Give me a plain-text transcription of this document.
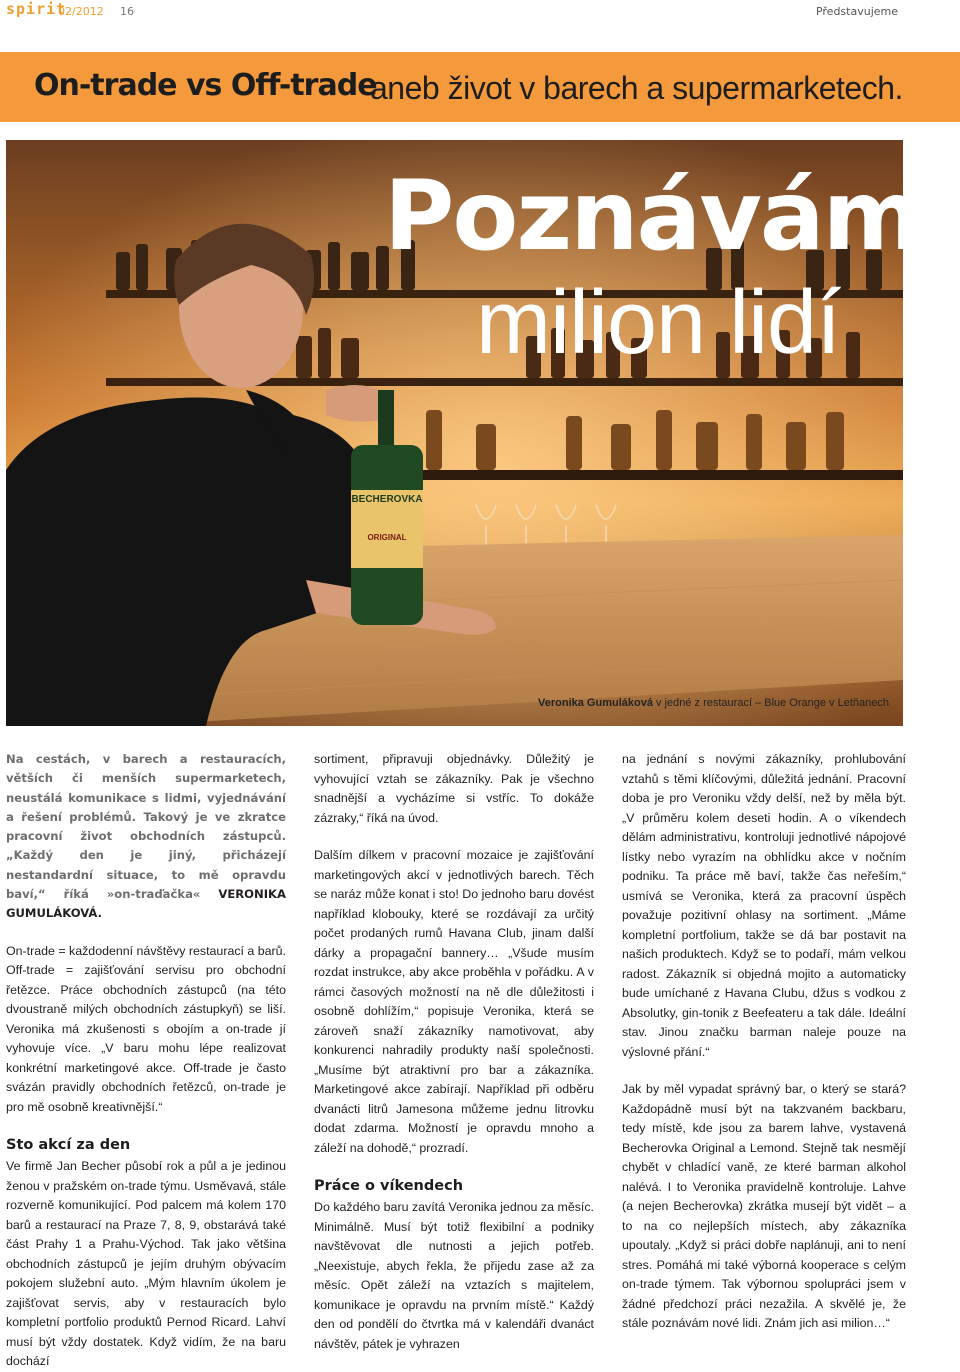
spirit
02/2012 16	Představujeme
On-trade vs Off-trade
aneb život v barech a supermarketech.
BECHEROVKA
ORIGINAL
Poznávám
milion lidí
Veronika Gumuláková v jedné z restaurací – Blue Orange v Letňanech

Na cestách, v barech a restauracích, větších či menších supermarketech, neustálá komunikace s lidmi, vyjednávání a řešení problémů. Takový je ve zkratce pracovní život obchodních zástupců. „Každý den je jiný, přicházejí nestandardní situace, to mě opravdu baví,“ říká »on-traďačka« VERONIKA GUMULÁKOVÁ.

On-trade = každodenní návštěvy restaurací a barů. Off-trade = zajišťování servisu pro obchodní řetězce. Práce obchodních zástupců (na této dvoustraně milých obchodních zástupkyň) se liší. Veronika má zkušenosti s obojím a on-trade jí vyhovuje více. „V baru mohu lépe realizovat konkrétní marketingové akce. Off-trade je často svázán pravidly obchodních řetězců, on-trade je pro mě osobně kreativnější.“

Sto akcí za den

Ve firmě Jan Becher působí rok a půl a je jedinou ženou v pražském on-trade týmu. Usměvavá, stále rozverně komunikující. Pod palcem má kolem 170 barů a restaurací na Praze 7, 8, 9, obstarává také část Prahy 1 a Prahu-Východ. Tak jako většina obchodních zástupců je jejím druhým obývacím pokojem služební auto. „Mým hlavním úkolem je zajišťovat servis, aby v restauracích bylo kompletní portfolio produktů Pernod Ricard. Lahví musí být vždy dostatek. Když vidím, že na baru dochází

sortiment, připravuji objednávky. Důležitý je vyhovující vztah se zákazníky. Pak je všechno snadnější a vycházíme si vstříc. To dokáže zázraky,“ říká na úvod.

Dalším dílkem v pracovní mozaice je zajišťování marketingových akcí v jednotlivých barech. Těch se naráz může konat i sto! Do jednoho baru dovést například klobouky, které se rozdávají za určitý počet prodaných rumů Havana Club, jinam další dárky a propagační bannery… „Všude musím rozdat instrukce, aby akce proběhla v pořádku. A v rámci časových možností na ně dle důležitosti i osobně dohlížím,“ popisuje Veronika, která se zároveň snaží zákazníky namotivovat, aby konkurenci nahradily produkty naší společnosti. „Musíme být atraktivní pro bar a zákazníka. Marketingové akce zabírají. Například při odběru dvanácti litrů Jamesona můžeme jednu litrovku dodat zdarma. Možností je opravdu mnoho a záleží na dohodě,“ prozradí.

Práce o víkendech

Do každého baru zavítá Veronika jednou za měsíc. Minimálně. Musí být totiž flexibilní a podniky navštěvovat dle nutnosti a jejich potřeb. „Neexistuje, abych řekla, že přijedu zase až za měsíc. Opět záleží na vztazích s majitelem, komunikace je opravdu na prvním místě.“ Každý den od pondělí do čtvrtka má v kalendáři dvanáct návštěv, pátek je vyhrazen

na jednání s novými zákazníky, prohlubování vztahů s těmi klíčovými, důležitá jednání. Pracovní doba je pro Veroniku vždy delší, než by měla být. „V průměru kolem deseti hodin. A o víkendech dělám administrativu, kontroluji jednotlivé nápojové lístky nebo vyrazím na obhlídku akce v nočním podniku. Ta práce mě baví, takže čas neřeším,“ usmívá se Veronika, která za pracovní úspěch považuje pozitivní ohlasy na sortiment. „Máme kompletní portfolium, takže se dá bar postavit na našich produktech. Když se to podaří, mám velkou radost. Zákazník si objedná mojito a automaticky bude umíchané z Havana Clubu, džus s vodkou z Absolutky, gin-tonik z Beefeateru a tak dále. Ideální stav. Jinou značku barman naleje pouze na výslovné přání.“

Jak by měl vypadat správný bar, o který se stará? Každopádně musí být na takzvaném backbaru, tedy místě, kde jsou za barem lahve, vystavená Becherovka Original a Lemond. Stejně tak nesmějí chybět v chladící vaně, ze které barman alkohol nalévá. I to Veronika pravidelně kontroluje. Lahve (a nejen Becherovka) zkrátka musejí být vidět – a to na co nejlepších místech, aby zákazníka upoutaly. „Když si práci dobře naplánuji, ani to není stres. Pomáhá mi také výborná kooperace s celým on-trade týmem. Tak výbornou spolupráci jsem v žádné předchozí práci nezažila. A skvělé je, že stále poznávám nové lidi. Znám jich asi milion…“
